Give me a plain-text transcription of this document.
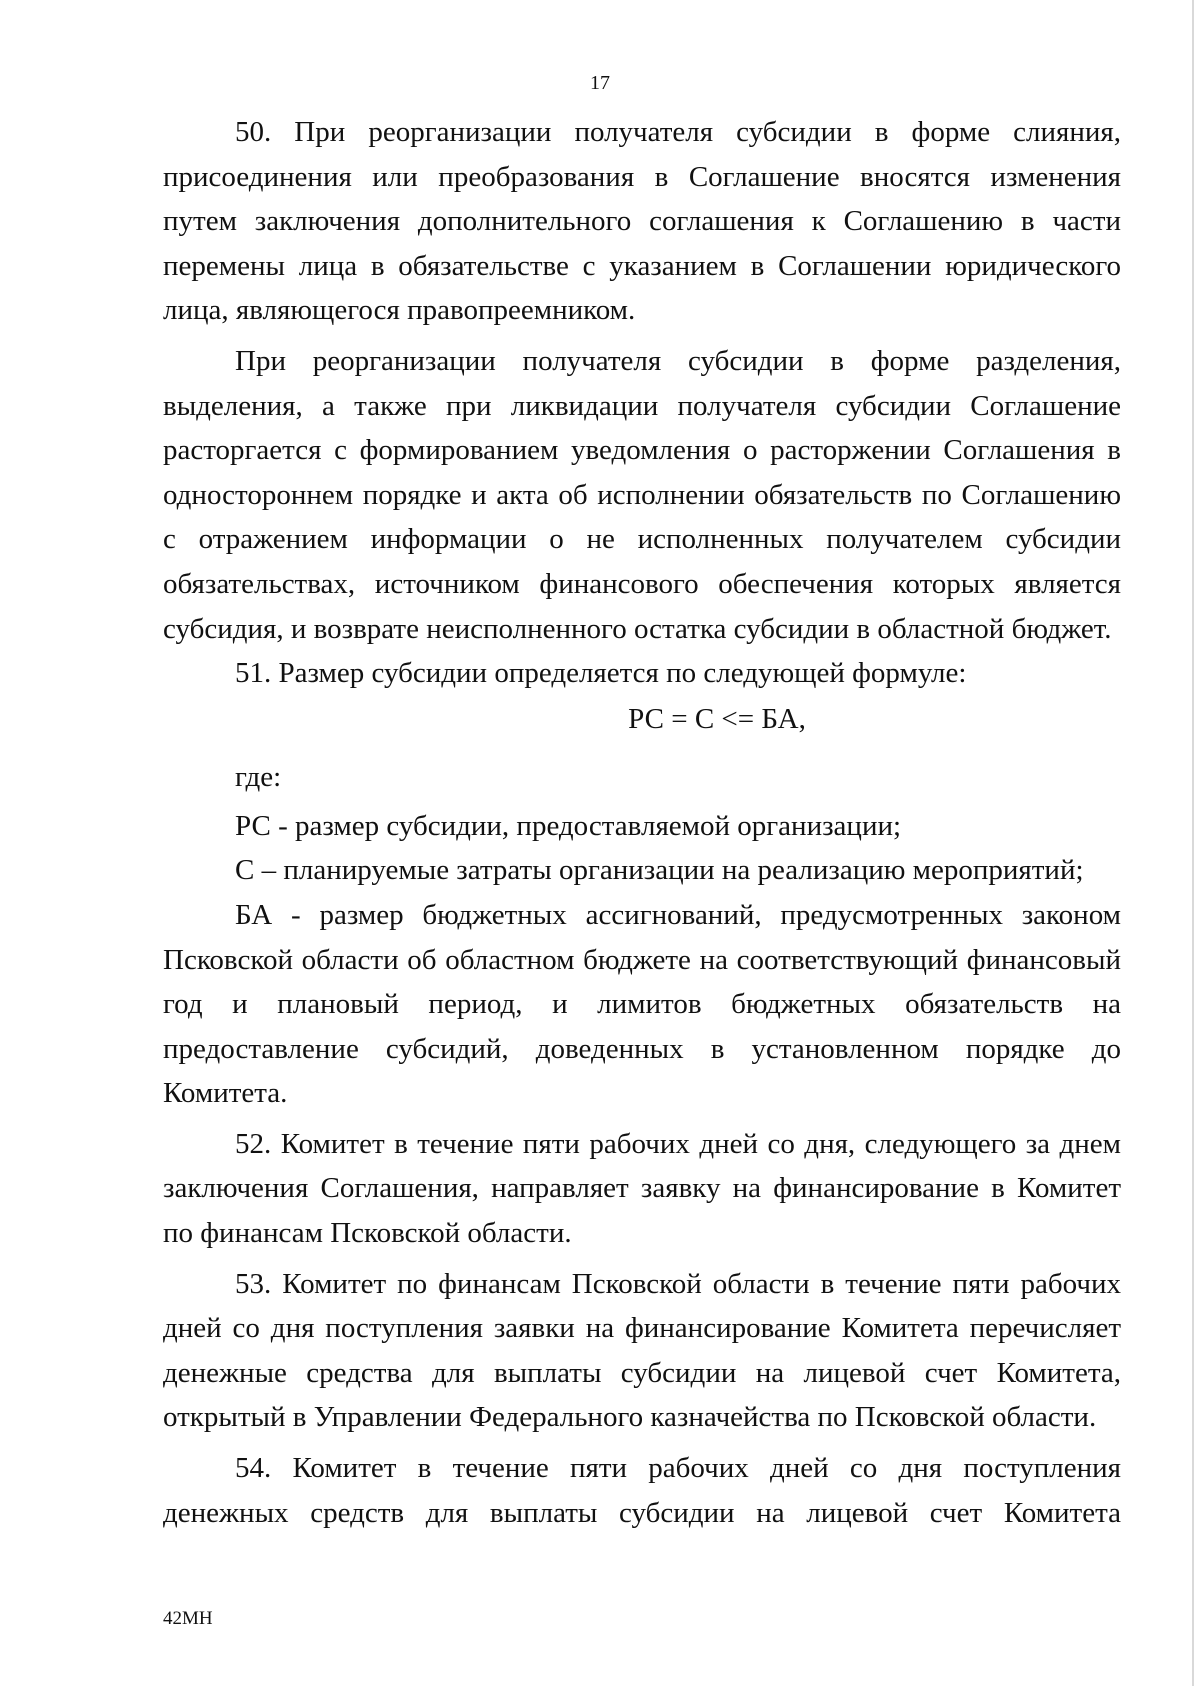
17

50. При реорганизации получателя субсидии в форме слияния, присоединения или преобразования в Соглашение вносятся изменения путем заключения дополнительного соглашения к Соглашению в части перемены лица в обязательстве с указанием в Соглашении юридического лица, являющегося правопреемником.

При реорганизации получателя субсидии в форме разделения, выделения, а также при ликвидации получателя субсидии Соглашение расторгается с формированием уведомления о расторжении Соглашения в одностороннем порядке и акта об исполнении обязательств по Соглашению с отражением информации о не исполненных получателем субсидии обязательствах, источником финансового обеспечения которых является субсидия, и возврате неисполненного остатка субсидии в областной бюджет.

51. Размер субсидии определяется по следующей формуле:

РС = С <= БА,

где:

РС - размер субсидии, предоставляемой организации;

С – планируемые затраты организации на реализацию мероприятий;

БА - размер бюджетных ассигнований, предусмотренных законом Псковской области об областном бюджете на соответствующий финансовый год и плановый период, и лимитов бюджетных обязательств на предоставление субсидий, доведенных в установленном порядке до Комитета.

52. Комитет в течение пяти рабочих дней со дня, следующего за днем заключения Соглашения, направляет заявку на финансирование в Комитет по финансам Псковской области.

53. Комитет по финансам Псковской области в течение пяти рабочих дней со дня поступления заявки на финансирование Комитета перечисляет денежные средства для выплаты субсидии на лицевой счет Комитета, открытый в Управлении Федерального казначейства по Псковской области.

54. Комитет в течение пяти рабочих дней со дня поступления денежных средств для выплаты субсидии на лицевой счет Комитета

42МН
